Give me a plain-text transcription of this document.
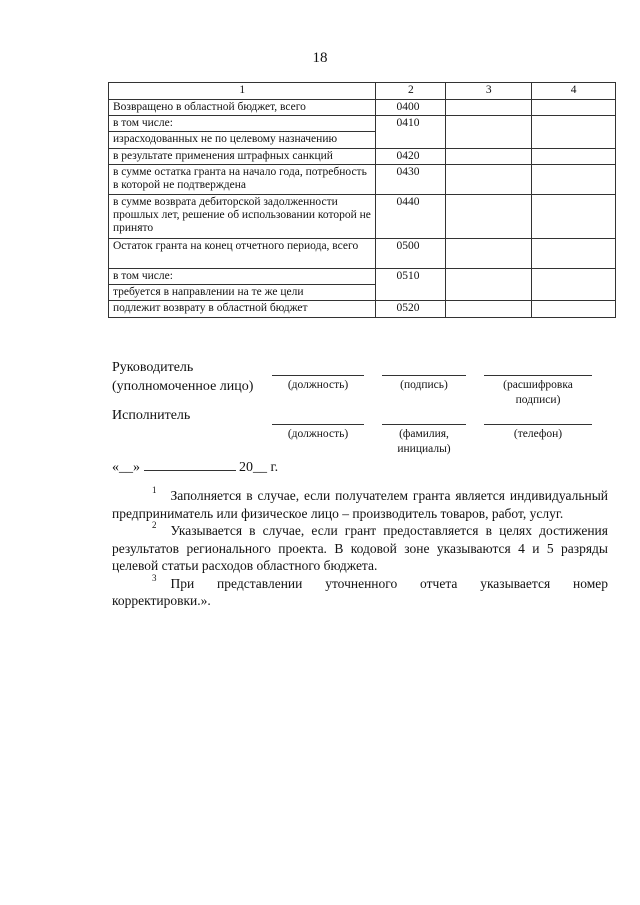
18
1	2	3	4
Возвращено в областной бюджет, всего	0400		
в том числе:	0410		
израсходованных не по целевому назначению			
в результате применения штрафных санкций	0420		
в сумме остатка гранта на начало года, потребность в которой не подтверждена	0430		
в сумме возврата дебиторской задолженности прошлых лет, решение об использовании которой не принято	0440		
Остаток гранта на конец отчетного периода, всего	0500		
в том числе:	0510		
требуется в направлении на те же цели			
подлежит возврату в областной бюджет	0520		
Руководитель
(уполномоченное лицо)	(должность)	(подпись)	(расшифровка подписи)
Исполнитель
(должность)	(фамилия, инициалы)
(телефон)
«__»	20__ г.

$^1$ Заполняется в случае, если получателем гранта является индивидуальный предприниматель или физическое лицо – производитель товаров, работ, услуг.

$^2$ Указывается в случае, если грант предоставляется в целях достижения результатов регионального проекта. В кодовой зоне указываются 4 и 5 разряды целевой статьи расходов областного бюджета.

$^3$ При представлении уточненного отчета указывается номер корректировки.».
